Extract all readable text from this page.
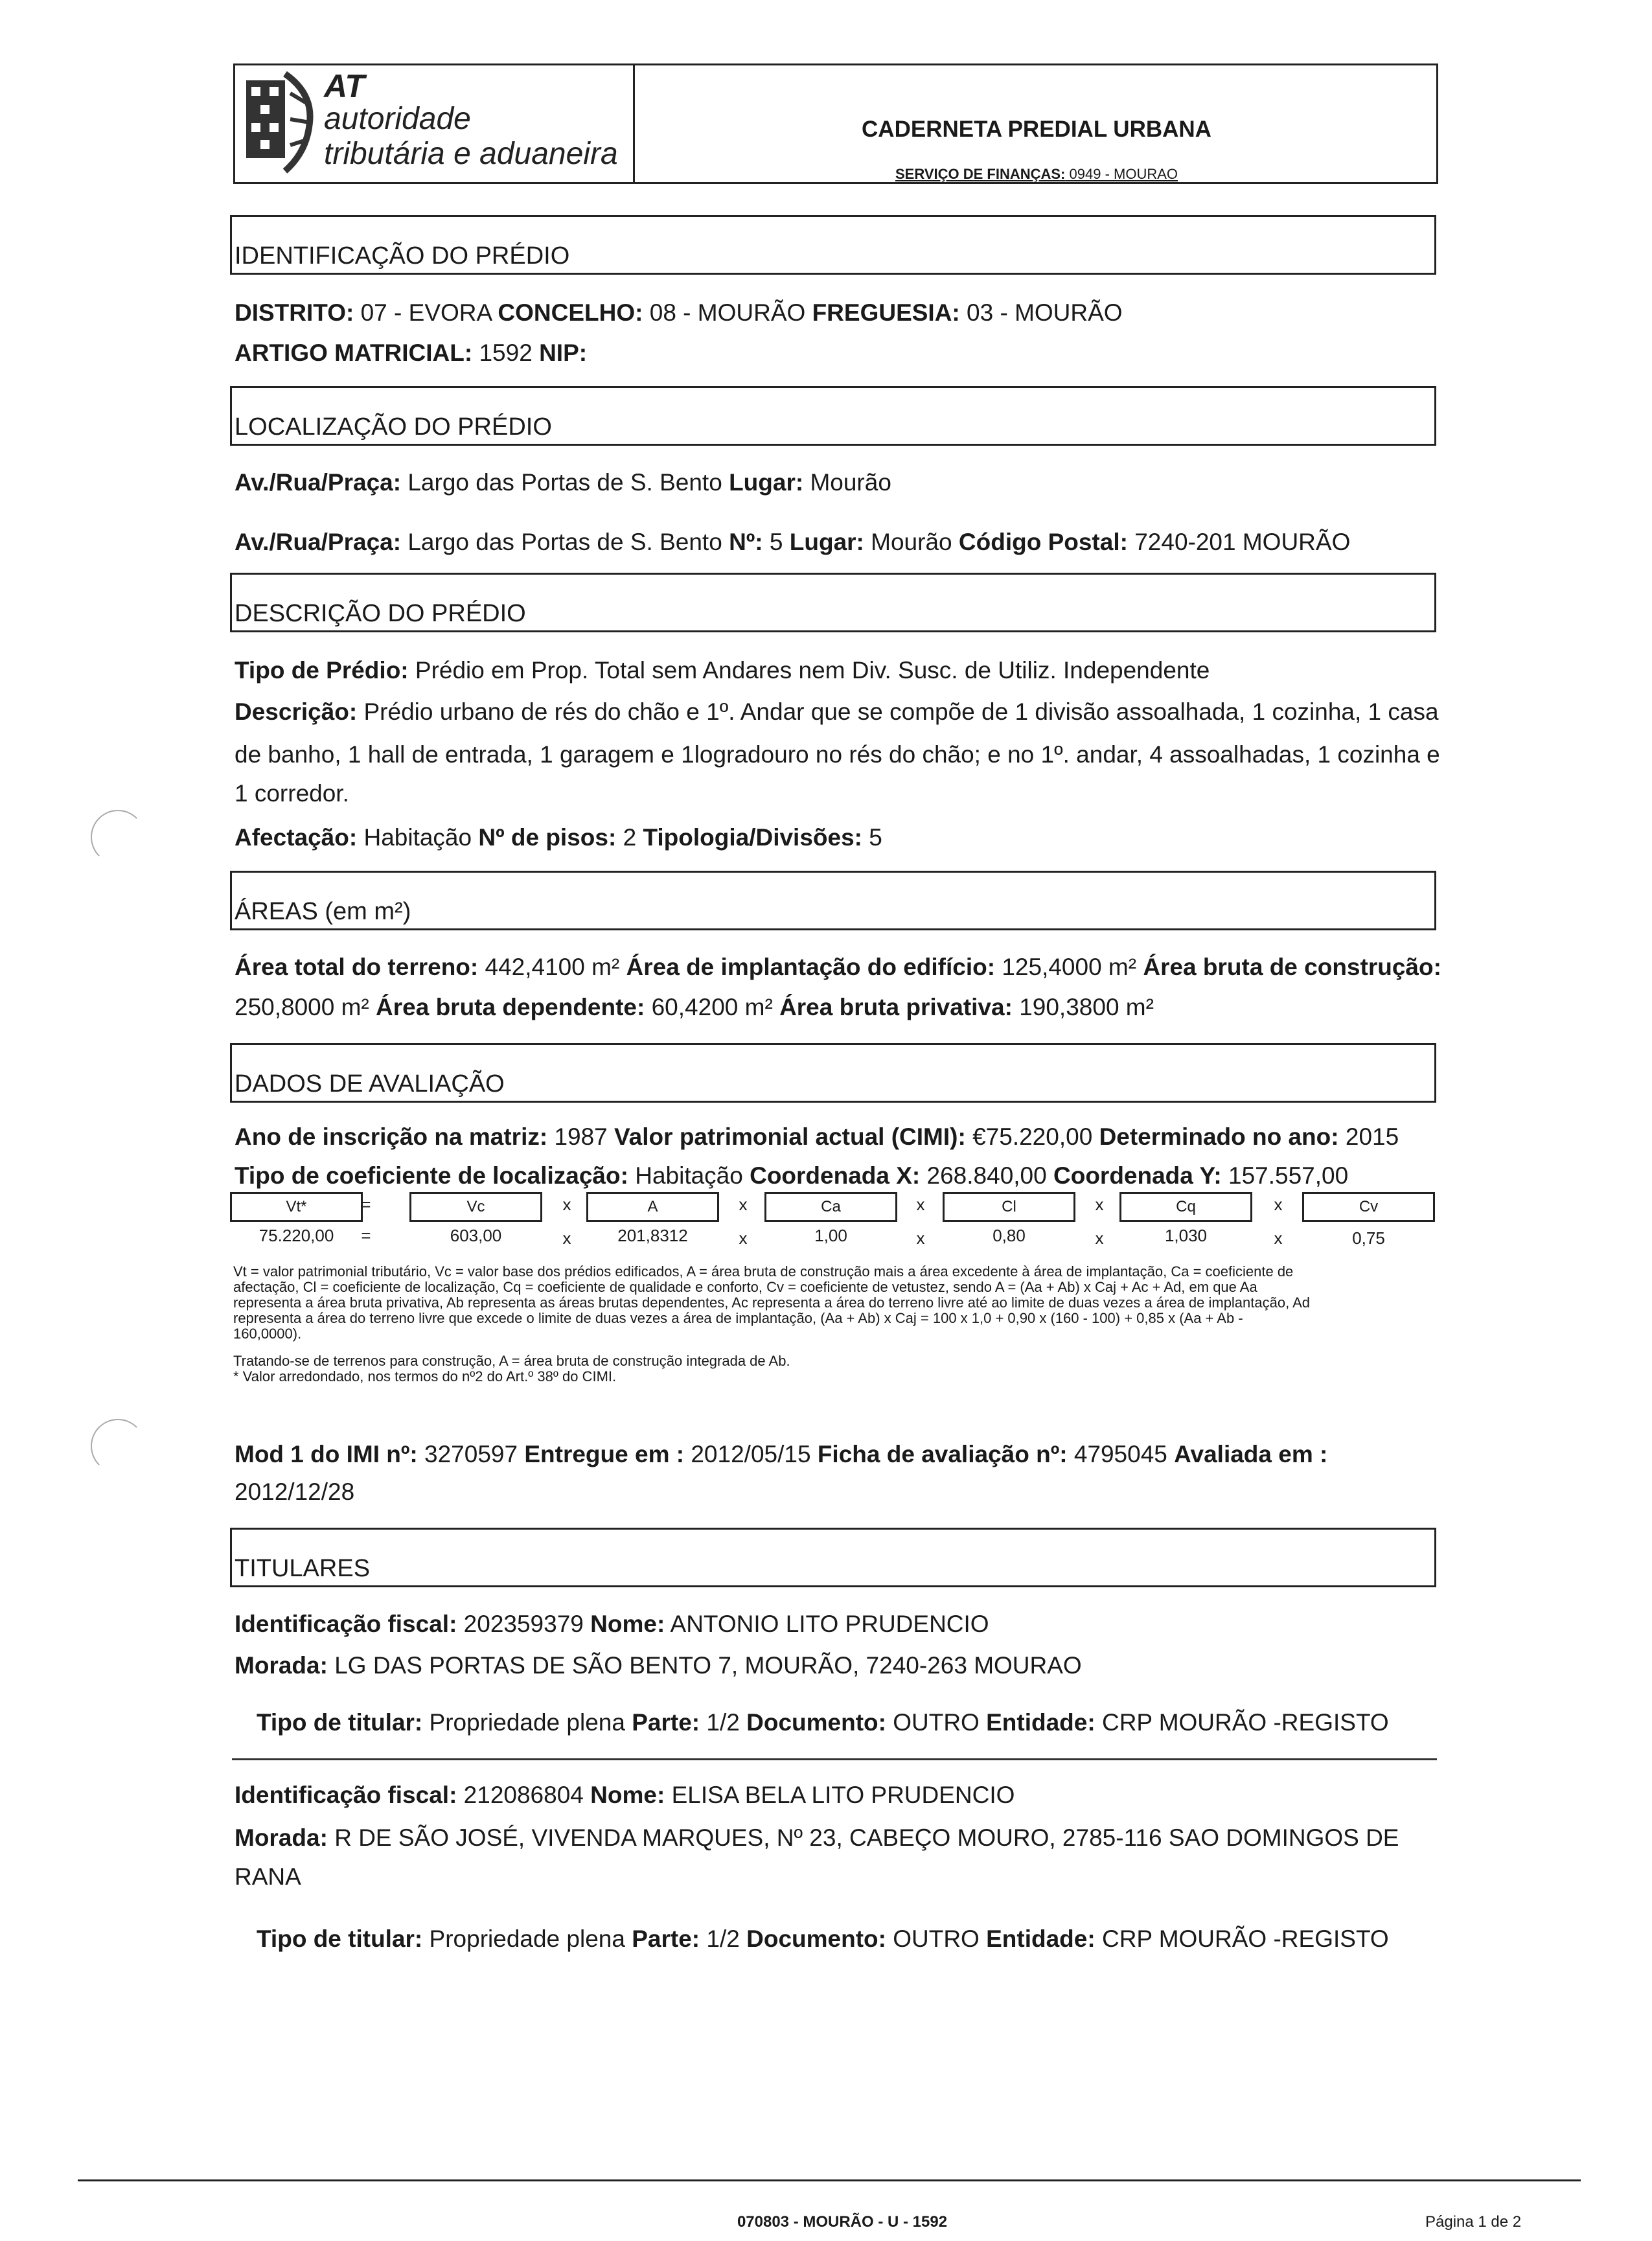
AT
autoridade
tributária e aduaneira
CADERNETA PREDIAL URBANA
SERVIÇO DE FINANÇAS: 0949 - MOURAO
IDENTIFICAÇÃO DO PRÉDIO
DISTRITO: 07 - EVORA CONCELHO: 08 - MOURÃO FREGUESIA: 03 - MOURÃO
ARTIGO MATRICIAL: 1592 NIP:
LOCALIZAÇÃO DO PRÉDIO
Av./Rua/Praça: Largo das Portas de S. Bento Lugar: Mourão
Av./Rua/Praça: Largo das Portas de S. Bento Nº: 5 Lugar: Mourão Código Postal: 7240-201 MOURÃO
DESCRIÇÃO DO PRÉDIO
Tipo de Prédio: Prédio em Prop. Total sem Andares nem Div. Susc. de Utiliz. Independente
Descrição: Prédio urbano de rés do chão e 1º. Andar que se compõe de 1 divisão assoalhada, 1 cozinha, 1 casa
de banho, 1 hall de entrada, 1 garagem e 1logradouro no rés do chão; e no 1º. andar, 4 assoalhadas, 1 cozinha e
1 corredor.
Afectação: Habitação Nº de pisos: 2 Tipologia/Divisões: 5
ÁREAS (em m²)
Área total do terreno: 442,4100 m² Área de implantação do edifício: 125,4000 m² Área bruta de construção:
250,8000 m² Área bruta dependente: 60,4200 m² Área bruta privativa: 190,3800 m²
DADOS DE AVALIAÇÃO
Ano de inscrição na matriz: 1987 Valor patrimonial actual (CIMI): €75.220,00 Determinado no ano: 2015
Tipo de coeficiente de localização: Habitação Coordenada X: 268.840,00 Coordenada Y: 157.557,00
Vt*	=	Vc	x	A	x	Ca	x	Cl	x	Cq	x	Cv
75.220,00	=	603,00	x	201,8312	x	1,00	x	0,80	x	1,030	x	0,75
Vt = valor patrimonial tributário, Vc = valor base dos prédios edificados, A = área bruta de construção mais a área excedente à área de implantação, Ca = coeficiente de
afectação, Cl = coeficiente de localização, Cq = coeficiente de qualidade e conforto, Cv = coeficiente de vetustez, sendo A = (Aa + Ab) x Caj + Ac + Ad, em que Aa
representa a área bruta privativa, Ab representa as áreas brutas dependentes, Ac representa a área do terreno livre até ao limite de duas vezes a área de implantação, Ad
representa a área do terreno livre que excede o limite de duas vezes a área de implantação, (Aa + Ab) x Caj = 100 x 1,0 + 0,90 x (160 - 100) + 0,85 x (Aa + Ab -
160,0000).
Tratando-se de terrenos para construção, A = área bruta de construção integrada de Ab.
* Valor arredondado, nos termos do nº2 do Art.º 38º do CIMI.
Mod 1 do IMI nº: 3270597 Entregue em : 2012/05/15 Ficha de avaliação nº: 4795045 Avaliada em :
2012/12/28
TITULARES
Identificação fiscal: 202359379 Nome: ANTONIO LITO PRUDENCIO
Morada: LG DAS PORTAS DE SÃO BENTO 7, MOURÃO, 7240-263 MOURAO
Tipo de titular: Propriedade plena Parte: 1/2 Documento: OUTRO Entidade: CRP MOURÃO -REGISTO
Identificação fiscal: 212086804 Nome: ELISA BELA LITO PRUDENCIO
Morada: R DE SÃO JOSÉ, VIVENDA MARQUES, Nº 23, CABEÇO MOURO, 2785-116 SAO DOMINGOS DE
RANA
Tipo de titular: Propriedade plena Parte: 1/2 Documento: OUTRO Entidade: CRP MOURÃO -REGISTO
070803 - MOURÃO - U - 1592	Página 1 de 2
